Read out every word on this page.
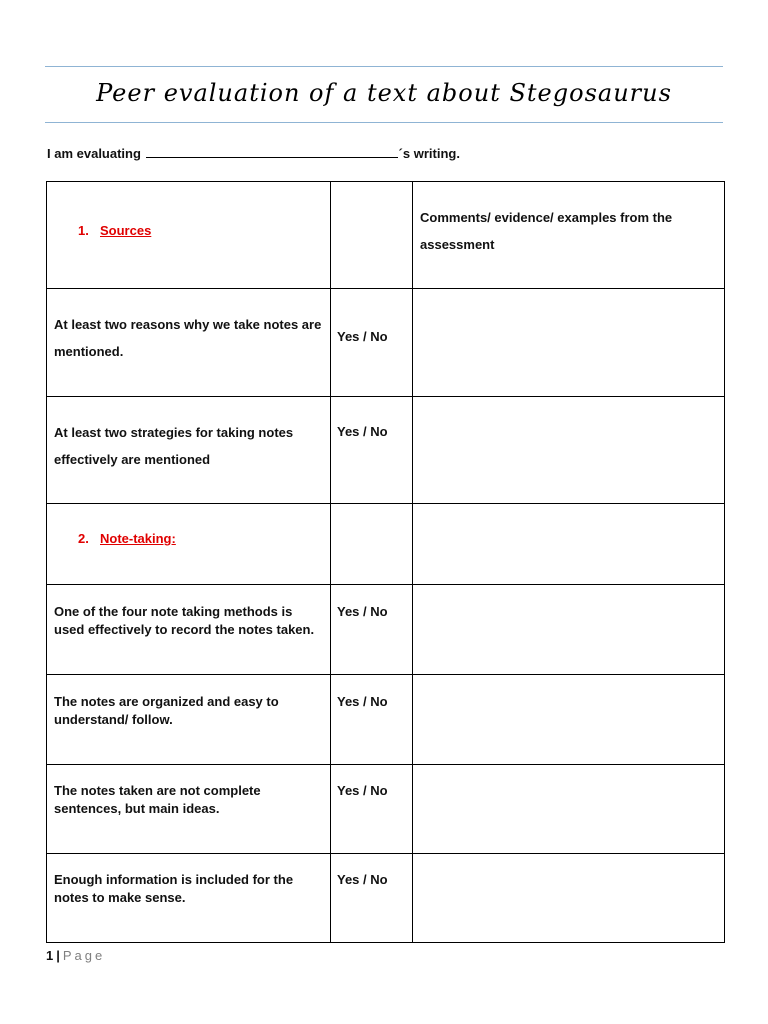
Peer evaluation of a text about Stegosaurus
I am evaluating	´s writing.
1. Sources		Comments/ evidence/ examples from the assessment

At least two reasons why we take notes are mentioned.	Yes / No	

At least two strategies for taking notes effectively are mentioned	Yes / No	

2. Note-taking:		

One of the four note taking methods is used effectively to record the notes taken.	Yes / No	

The notes are organized and easy to understand/ follow.	Yes / No	

The notes taken are not complete sentences, but main ideas.	Yes / No	

Enough information is included for the notes to make sense.	Yes / No	

1 | Page
